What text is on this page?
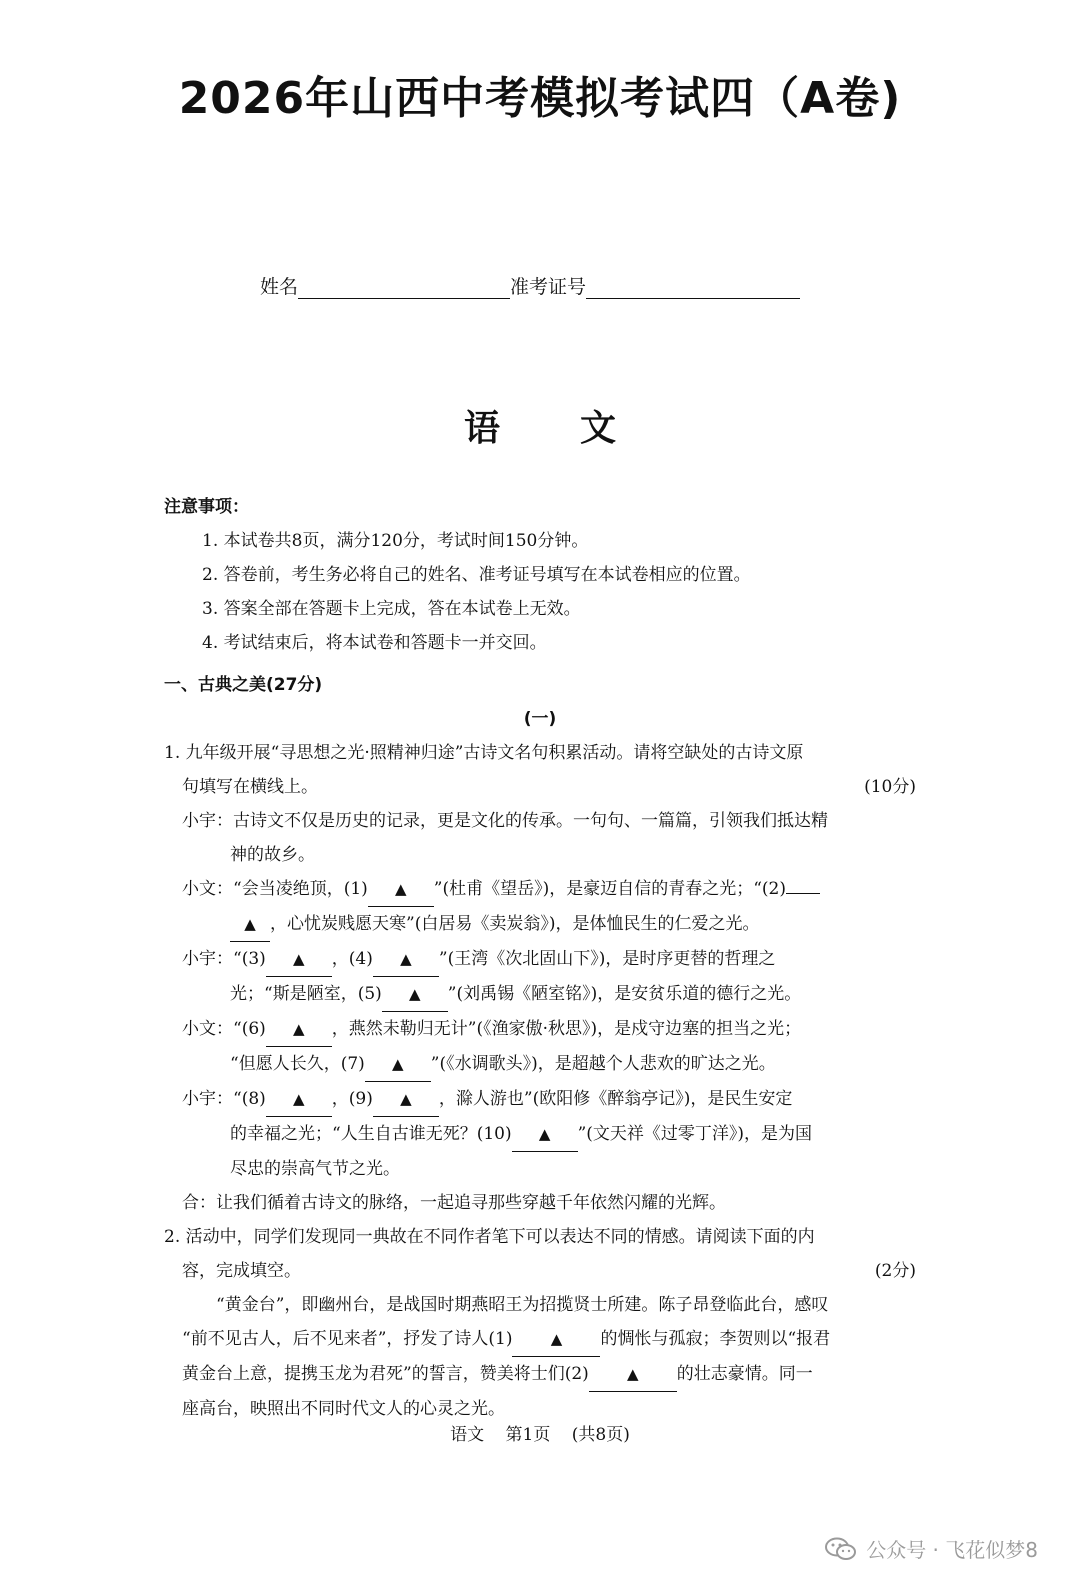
2026年山西中考模拟考试四（A卷)
姓名	准考证号
语 文
注意事项：
1. 本试卷共8页，满分120分，考试时间150分钟。
2. 答卷前，考生务必将自己的姓名、准考证号填写在本试卷相应的位置。
3. 答案全部在答题卡上完成，答在本试卷上无效。
4. 考试结束后，将本试卷和答题卡一并交回。
一、古典之美(27分)
(一)
1. 九年级开展“寻思想之光·照精神归途”古诗文名句积累活动。请将空缺处的古诗文原
句填写在横线上。	(10分)
小宇：古诗文不仅是历史的记录，更是文化的传承。一句句、一篇篇，引领我们抵达精
神的故乡。
小文：“会当凌绝顶，(1) ▲ ”(杜甫《望岳》)，是豪迈自信的青春之光；“(2)
▲ ，心忧炭贱愿天寒”(白居易《卖炭翁》)，是体恤民生的仁爱之光。
小宇：“(3) ▲ ，(4) ▲ ”(王湾《次北固山下》)，是时序更替的哲理之
光；“斯是陋室，(5) ▲ ”(刘禹锡《陋室铭》)，是安贫乐道的德行之光。
小文：“(6) ▲ ，燕然未勒归无计”(《渔家傲·秋思》)，是戍守边塞的担当之光；
“但愿人长久，(7) ▲ ”(《水调歌头》)，是超越个人悲欢的旷达之光。
小宇：“(8) ▲ ，(9) ▲ ，滁人游也”(欧阳修《醉翁亭记》)，是民生安定
的幸福之光；“人生自古谁无死？(10) ▲ ”(文天祥《过零丁洋》)，是为国
尽忠的崇高气节之光。
合：让我们循着古诗文的脉络，一起追寻那些穿越千年依然闪耀的光辉。
2. 活动中，同学们发现同一典故在不同作者笔下可以表达不同的情感。请阅读下面的内
容，完成填空。	(2分)
“黄金台”，即幽州台，是战国时期燕昭王为招揽贤士所建。陈子昂登临此台，感叹
“前不见古人，后不见来者”，抒发了诗人(1)	▲ 的惆怅与孤寂；李贺则以“报君
黄金台上意，提携玉龙为君死”的誓言，赞美将士们(2)	▲ 的壮志豪情。同一
座高台，映照出不同时代文人的心灵之光。
语文 第1页 (共8页)
公众号 · 飞花似梦8
